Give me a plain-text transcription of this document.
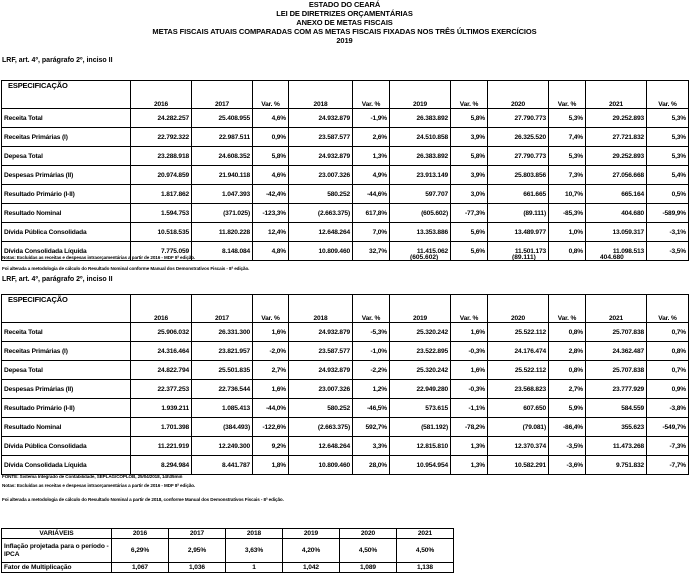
ESTADO DO CEARÁ
LEI DE DIRETRIZES ORÇAMENTÁRIAS
ANEXO DE METAS FISCAIS
METAS FISCAIS ATUAIS COMPARADAS COM AS METAS FISCAIS FIXADAS NOS TRÊS ÚLTIMOS EXERCÍCIOS
2019
LRF, art. 4º, parágrafo 2º, inciso II
ESPECIFICAÇÃO	2016	2017	Var. %	2018	Var. %	2019	Var. %	2020	Var. %	2021	Var. %
Receita Total	24.282.257	25.408.955	4,6%	24.932.879	-1,9%	26.383.892	5,8%	27.790.773	5,3%	29.252.893	5,3%
Receitas Primárias (I)	22.792.322	22.987.511	0,9%	23.587.577	2,6%	24.510.858	3,9%	26.325.520	7,4%	27.721.832	5,3%
Depesa Total	23.288.918	24.608.352	5,8%	24.932.879	1,3%	26.383.892	5,8%	27.790.773	5,3%	29.252.893	5,3%
Despesas Primárias (II)	20.974.859	21.940.118	4,6%	23.007.326	4,9%	23.913.149	3,9%	25.803.856	7,3%	27.056.668	5,4%
Resultado Primário (I-II)	1.817.862	1.047.393	-42,4%	580.252	-44,6%	597.707	3,0%	661.665	10,7%	665.164	0,5%
Resultado Nominal	1.594.753	(371.025)	-123,3%	(2.663.375)	617,8%	(605.602)	-77,3%	(89.111)	-85,3%	404.680	-589,9%
Dívida Pública Consolidada	10.518.535	11.820.228	12,4%	12.648.264	7,0%	13.353.886	5,6%	13.489.977	1,0%	13.059.317	-3,1%
Dívida Consolidada Líquida	7.775.059	8.148.084	4,8%	10.809.460	32,7%	11.415.062	5,6%	11.501.173	0,8%	11.098.513	-3,5%
(605.602)	(89.111)	404.680
Notas: Excluídas as receitas e despesas intraorçamentárias a partir de 2016 - MDF 8ª edição.
Foi alterada a metodologia de cálculo do Resultado Nominal conforme Manual dos Demonstrativos Fiscais - 8ª edição.
LRF, art. 4º, parágrafo 2º, inciso II
ESPECIFICAÇÃO	2016	2017	Var. %	2018	Var. %	2019	Var. %	2020	Var. %	2021	Var. %
Receita Total	25.906.032	26.331.300	1,6%	24.932.879	-5,3%	25.320.242	1,6%	25.522.112	0,8%	25.707.838	0,7%
Receitas Primárias (I)	24.316.464	23.821.957	-2,0%	23.587.577	-1,0%	23.522.895	-0,3%	24.176.474	2,8%	24.362.487	0,8%
Depesa Total	24.822.794	25.501.835	2,7%	24.932.879	-2,2%	25.320.242	1,6%	25.522.112	0,8%	25.707.838	0,7%
Despesas Primárias (II)	22.377.253	22.736.544	1,6%	23.007.326	1,2%	22.949.280	-0,3%	23.568.823	2,7%	23.777.929	0,9%
Resultado Primário (I-II)	1.939.211	1.085.413	-44,0%	580.252	-46,5%	573.615	-1,1%	607.650	5,9%	584.559	-3,8%
Resultado Nominal	1.701.398	(384.493)	-122,6%	(2.663.375)	592,7%	(581.192)	-78,2%	(79.081)	-86,4%	355.623	-549,7%
Dívida Pública Consolidada	11.221.919	12.249.300	9,2%	12.648.264	3,3%	12.815.810	1,3%	12.370.374	-3,5%	11.473.268	-7,3%
Dívida Consolidada Líquida	8.294.984	8.441.787	1,8%	10.809.460	28,0%	10.954.954	1,3%	10.582.291	-3,6%	9.751.832	-7,7%
FONTE: Sistema Integrado de Contabilidade, SEPLAG/COPLOB, 25/04/2018, 14h35min
Notas: Excluídas as receitas e despesas intraorçamentárias a partir de 2016 - MDF 8ª edição.
Foi alterada a metodologia de cálculo do Resultado Nominal a partir de 2018, conforme Manual dos Demonstrativos Fiscais - 8ª edição.
VARIÁVEIS	2016	2017	2018	2019	2020	2021
Inflação projetada para o período - IPCA	6,29%	2,95%	3,63%	4,20%	4,50%	4,50%
Fator de Multiplicação	1,067	1,036	1	1,042	1,089	1,138
